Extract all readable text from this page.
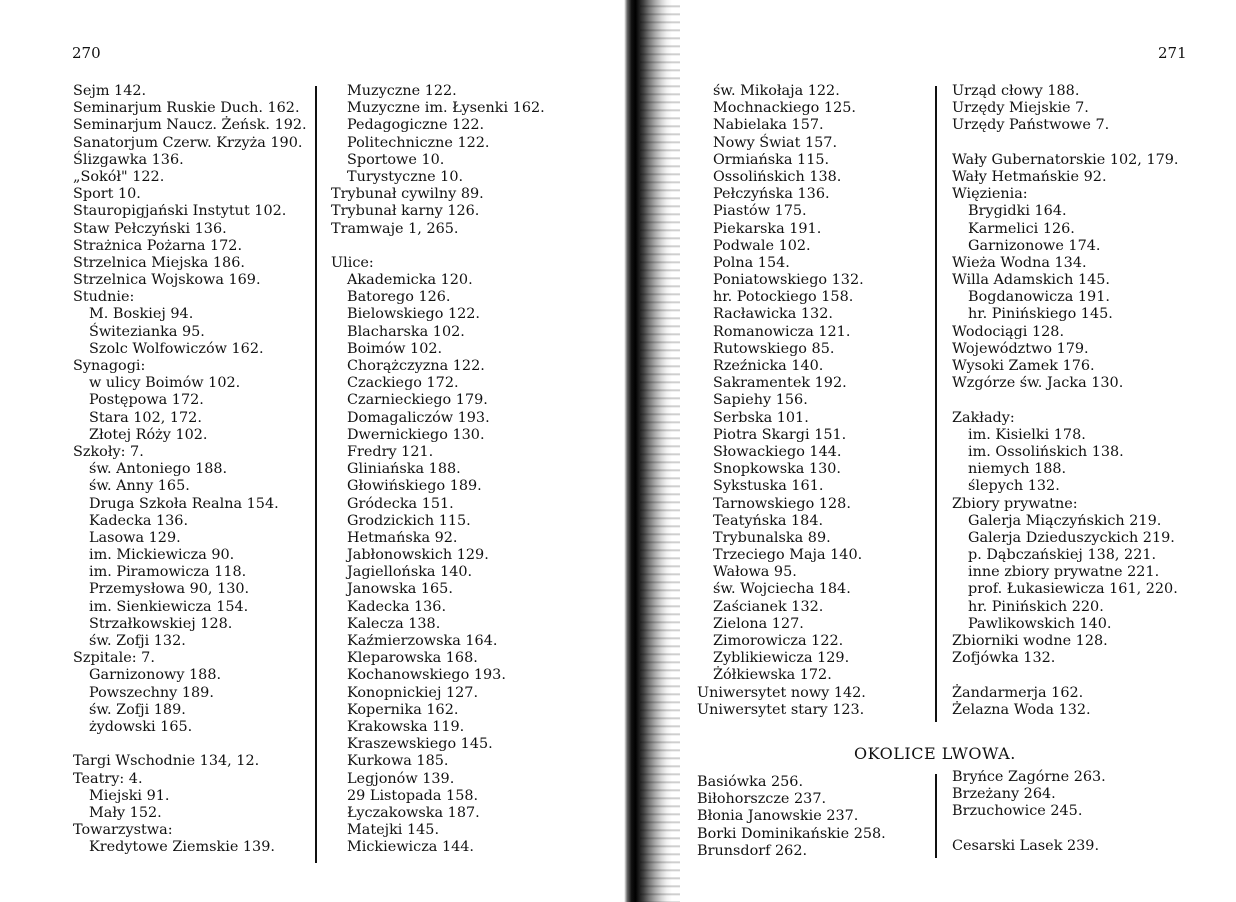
270	271
Sejm 142.
Seminarjum Ruskie Duch. 162.
Seminarjum Naucz. Żeńsk. 192.
Sanatorjum Czerw. Krzyża 190.
Ślizgawka 136.
„Sokół" 122.
Sport 10.
Stauropigjański Instytut 102.
Staw Pełczyński 136.
Strażnica Pożarna 172.
Strzelnica Miejska 186.
Strzelnica Wojskowa 169.
Studnie:
M. Boskiej 94.
Świtezianka 95.
Szolc Wolfowiczów 162.
Synagogi:
w ulicy Boimów 102.
Postępowa 172.
Stara 102, 172.
Złotej Róży 102.
Szkoły: 7.
św. Antoniego 188.
św. Anny 165.
Druga Szkoła Realna 154.
Kadecka 136.
Lasowa 129.
im. Mickiewicza 90.
im. Piramowicza 118.
Przemysłowa 90, 130.
im. Sienkiewicza 154.
Strzałkowskiej 128.
św. Zofji 132.
Szpitale: 7.
Garnizonowy 188.
Powszechny 189.
św. Zofji 189.
żydowski 165.
Targi Wschodnie 134, 12.
Teatry: 4.
Miejski 91.
Mały 152.
Towarzystwa:
Kredytowe Ziemskie 139.
Muzyczne 122.
Muzyczne im. Łysenki 162.
Pedagogiczne 122.
Politechniczne 122.
Sportowe 10.
Turystyczne 10.
Trybunał cywilny 89.
Trybunał karny 126.
Tramwaje 1, 265.
Ulice:
Akademicka 120.
Batorego 126.
Bielowskiego 122.
Blacharska 102.
Boimów 102.
Chorążczyzna 122.
Czackiego 172.
Czarnieckiego 179.
Domagaliczów 193.
Dwernickiego 130.
Fredry 121.
Gliniańska 188.
Głowińskiego 189.
Gródecka 151.
Grodzickich 115.
Hetmańska 92.
Jabłonowskich 129.
Jagiellońska 140.
Janowska 165.
Kadecka 136.
Kalecza 138.
Kaźmierzowska 164.
Kleparowska 168.
Kochanowskiego 193.
Konopnickiej 127.
Kopernika 162.
Krakowska 119.
Kraszewskiego 145.
Kurkowa 185.
Legjonów 139.
29 Listopada 158.
Łyczakowska 187.
Matejki 145.
Mickiewicza 144.
św. Mikołaja 122.
Mochnackiego 125.
Nabielaka 157.
Nowy Świat 157.
Ormiańska 115.
Ossolińskich 138.
Pełczyńska 136.
Piastów 175.
Piekarska 191.
Podwale 102.
Polna 154.
Poniatowskiego 132.
hr. Potockiego 158.
Racławicka 132.
Romanowicza 121.
Rutowskiego 85.
Rzeźnicka 140.
Sakramentek 192.
Sapiehy 156.
Serbska 101.
Piotra Skargi 151.
Słowackiego 144.
Snopkowska 130.
Sykstuska 161.
Tarnowskiego 128.
Teatyńska 184.
Trybunalska 89.
Trzeciego Maja 140.
Wałowa 95.
św. Wojciecha 184.
Zaścianek 132.
Zielona 127.
Zimorowicza 122.
Zyblikiewicza 129.
Żółkiewska 172.
Uniwersytet nowy 142.
Uniwersytet stary 123.
Urząd cłowy 188.
Urzędy Miejskie 7.
Urzędy Państwowe 7.
Wały Gubernatorskie 102, 179.
Wały Hetmańskie 92.
Więzienia:
Brygidki 164.
Karmelici 126.
Garnizonowe 174.
Wieża Wodna 134.
Willa Adamskich 145.
Bogdanowicza 191.
hr. Pinińskiego 145.
Wodociągi 128.
Województwo 179.
Wysoki Zamek 176.
Wzgórze św. Jacka 130.
Zakłady:
im. Kisielki 178.
im. Ossolińskich 138.
niemych 188.
ślepych 132.
Zbiory prywatne:
Galerja Miączyńskich 219.
Galerja Dzieduszyckich 219.
p. Dąbczańskiej 138, 221.
inne zbiory prywatne 221.
prof. Łukasiewicza 161, 220.
hr. Pinińskich 220.
Pawlikowskich 140.
Zbiorniki wodne 128.
Zofjówka 132.
Żandarmerja 162.
Żelazna Woda 132.
OKOLICE LWOWA.
Basiówka 256.
Biłohorszcze 237.
Błonia Janowskie 237.
Borki Dominikańskie 258.
Brunsdorf 262.
Bryńce Zagórne 263.
Brzeżany 264.
Brzuchowice 245.
Cesarski Lasek 239.
